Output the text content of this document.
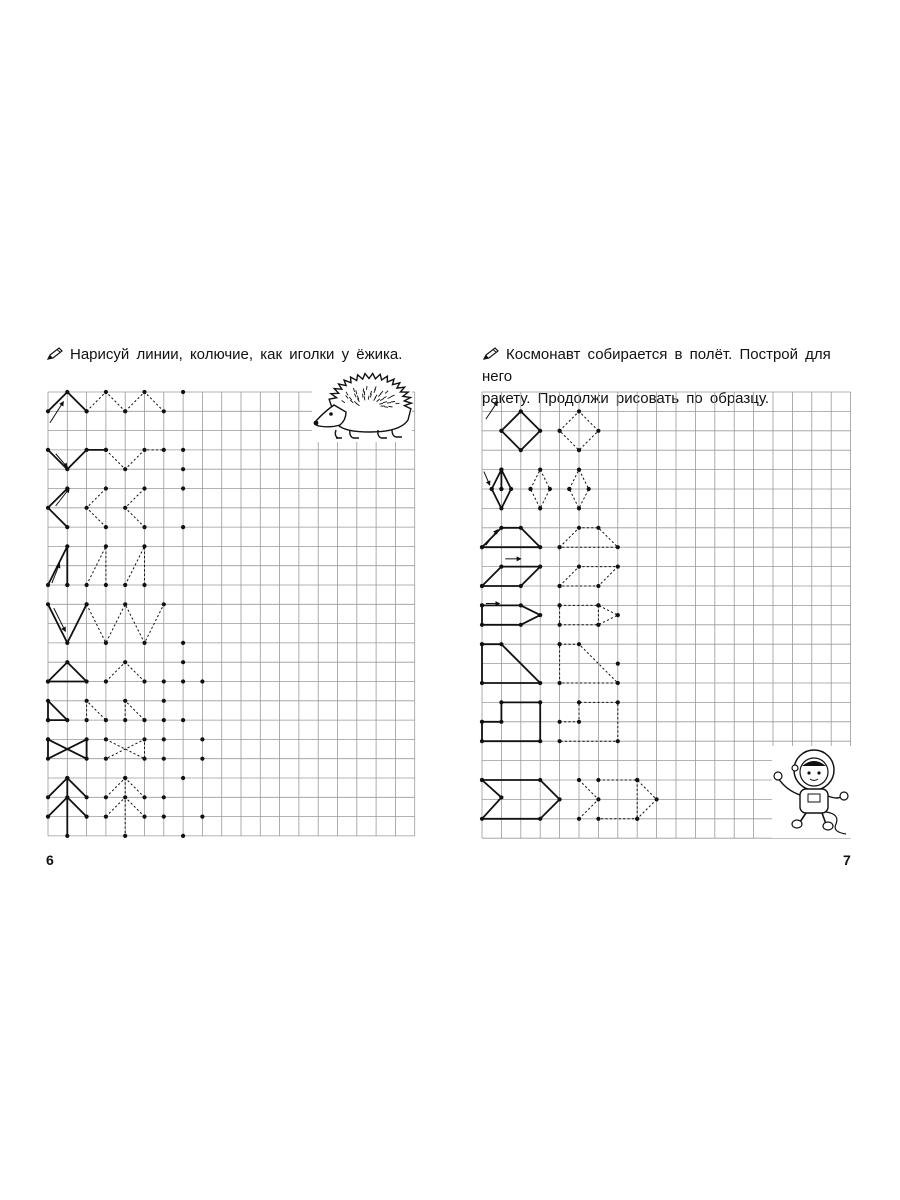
Нарисуй линии, колючие, как иголки у ёжика.	Космонавт собирается в полёт. Построй для него
ракету. Продолжи рисовать по образцу.
6	7
